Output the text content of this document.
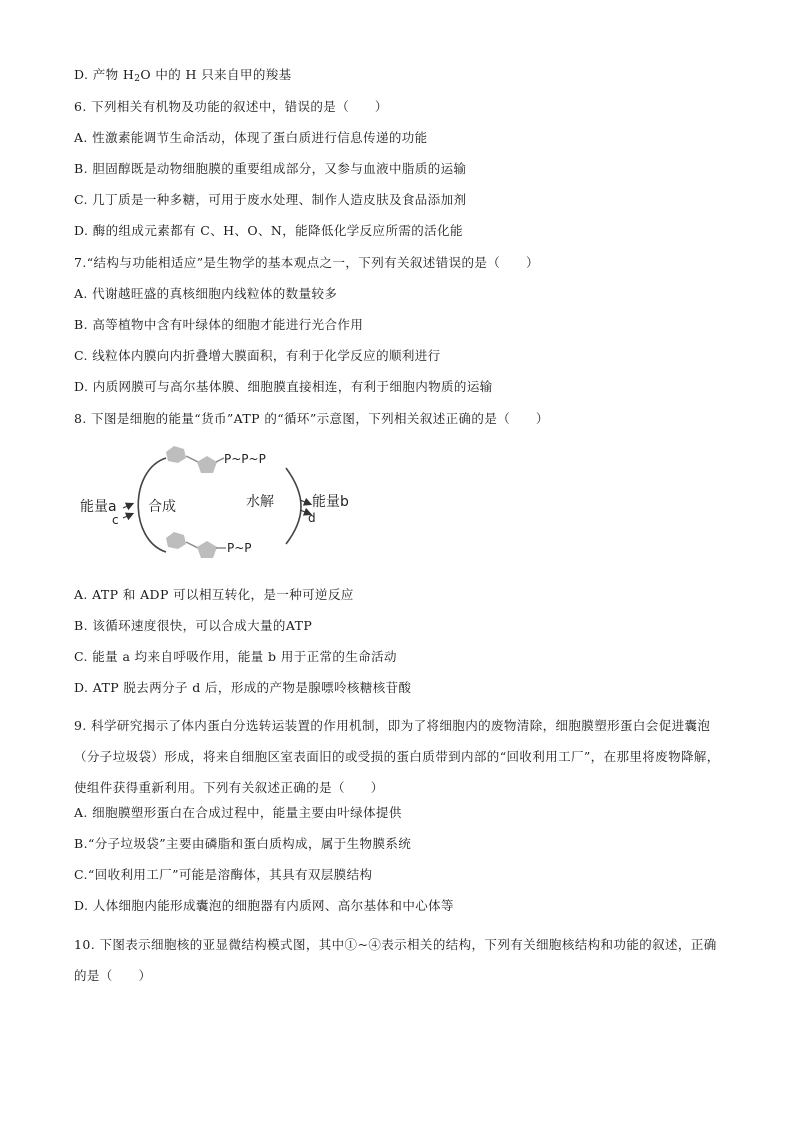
D. 产物 $H_2O$ 中的 H 只来自甲的羧基
6. 下列相关有机物及功能的叙述中，错误的是（　　）
A. 性激素能调节生命活动，体现了蛋白质进行信息传递的功能
B. 胆固醇既是动物细胞膜的重要组成部分，又参与血液中脂质的运输
C. 几丁质是一种多糖，可用于废水处理、制作人造皮肤及食品添加剂
D. 酶的组成元素都有 C、H、O、N，能降低化学反应所需的活化能
7.“结构与功能相适应”是生物学的基本观点之一，下列有关叙述错误的是（　　）
A. 代谢越旺盛的真核细胞内线粒体的数量较多
B. 高等植物中含有叶绿体的细胞才能进行光合作用
C. 线粒体内膜向内折叠增大膜面积，有利于化学反应的顺利进行
D. 内质网膜可与高尔基体膜、细胞膜直接相连，有利于细胞内物质的运输
8. 下图是细胞的能量“货币”ATP 的“循环”示意图，下列相关叙述正确的是（　　）
P~P~P
P~P
合成	水解
能量a
c
能量b
d
A. ATP 和 ADP 可以相互转化，是一种可逆反应
B. 该循环速度很快，可以合成大量的ATP
C. 能量 a 均来自呼吸作用，能量 b 用于正常的生命活动
D. ATP 脱去两分子 d 后，形成的产物是腺嘌呤核糖核苷酸
9. 科学研究揭示了体内蛋白分选转运装置的作用机制，即为了将细胞内的废物清除，细胞膜塑形蛋白会促进囊泡（分子垃圾袋）形成，将来自细胞区室表面旧的或受损的蛋白质带到内部的“回收利用工厂”，在那里将废物降解，使组件获得重新利用。下列有关叙述正确的是（　　）
A. 细胞膜塑形蛋白在合成过程中，能量主要由叶绿体提供
B.“分子垃圾袋”主要由磷脂和蛋白质构成，属于生物膜系统
C.“回收利用工厂”可能是溶酶体，其具有双层膜结构
D. 人体细胞内能形成囊泡的细胞器有内质网、高尔基体和中心体等
10. 下图表示细胞核的亚显微结构模式图，其中①~④表示相关的结构，下列有关细胞核结构和功能的叙述，正确的是（　　）
